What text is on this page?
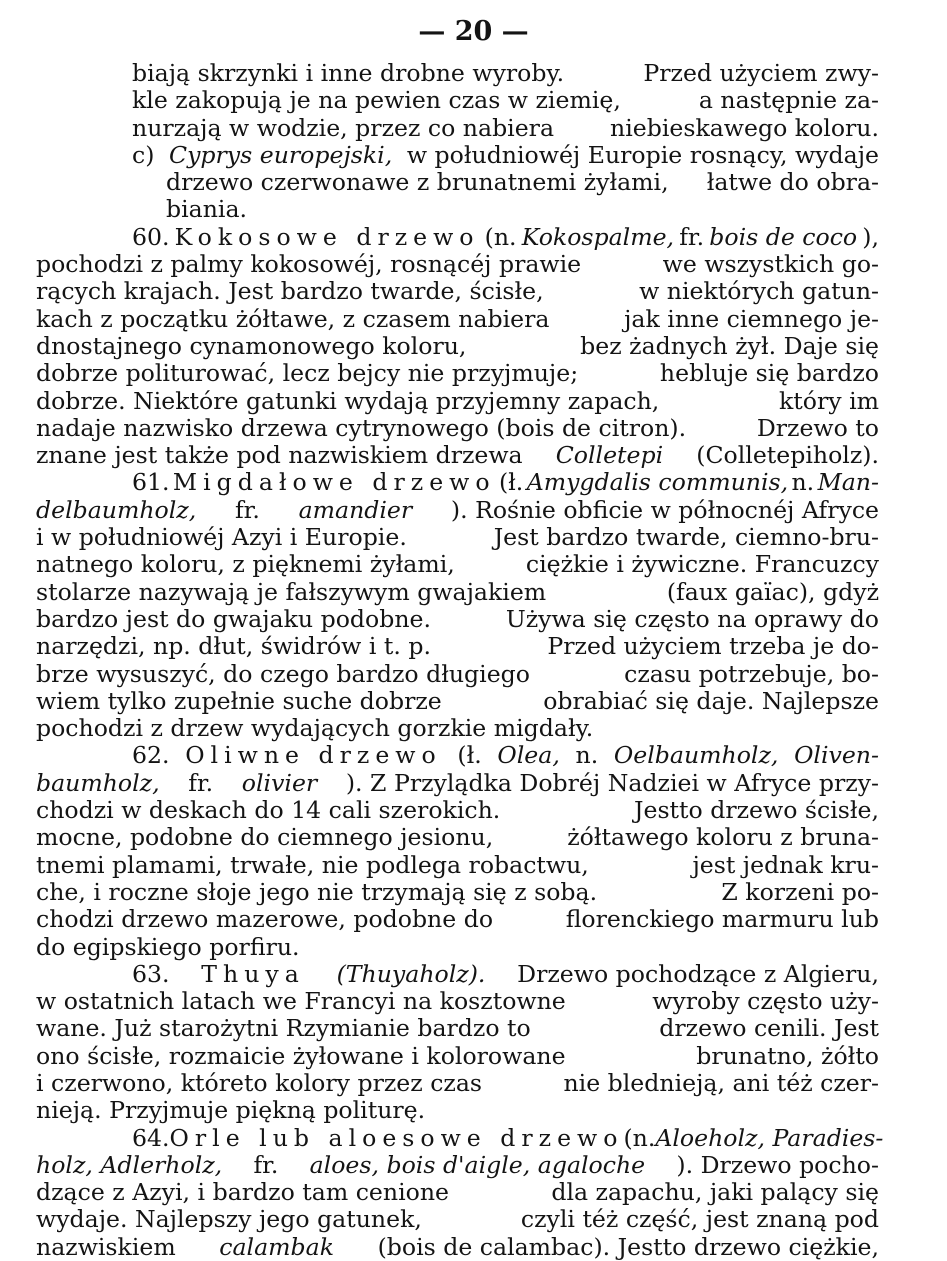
— 20 —
biają skrzynki i inne drobne wyroby.	Przed użyciem zwy-
kle zakopują je na pewien czas w ziemię,	a następnie za-
nurzają w wodzie, przez co nabiera niebieskawego koloru.
c) Cyprys europejski, w południowéj Europie rosnący, wydaje
drzewo czerwonawe z brunatnemi żyłami, łatwe do obra-
biania.
60. Kokosowe drzewo (n. Kokospalme, fr. bois de coco ),
pochodzi z palmy kokosowéj, rosnącéj prawie	we wszystkich go-
rących krajach. Jest bardzo twarde, ścisłe,	w niektórych gatun-
kach z początku żółtawe, z czasem nabiera	jak inne ciemnego je-
dnostajnego cynamonowego koloru,	bez żadnych żył. Daje się
dobrze politurować, lecz bejcy nie przyjmuje;	hebluje się bardzo
dobrze. Niektóre gatunki wydają przyjemny zapach,	który im
nadaje nazwisko drzewa cytrynowego (bois de citron).	Drzewo to
znane jest także pod nazwiskiem drzewa Colletepi (Colletepiholz).
61. Migdałowe drzewo (ł. Amygdalis communis, n. Man-
delbaumholz, fr. amandier ). Rośnie obficie w północnéj Afryce
i w południowéj Azyi i Europie.	Jest bardzo twarde, ciemno-bru-
natnego koloru, z pięknemi żyłami,	ciężkie i żywiczne. Francuzcy
stolarze nazywają je fałszywym gwajakiem	(faux gaïac), gdyż
bardzo jest do gwajaku podobne.	Używa się często na oprawy do
narzędzi, np. dłut, świdrów i t. p.	Przed użyciem trzeba je do-
brze wysuszyć, do czego bardzo długiego	czasu potrzebuje, bo-
wiem tylko zupełnie suche dobrze	obrabiać się daje. Najlepsze
pochodzi z drzew wydających gorzkie migdały.
62. Oliwne drzewo (ł. Olea, n. Oelbaumholz, Oliven-
baumholz, fr. olivier ). Z Przylądka Dobréj Nadziei w Afryce przy-
chodzi w deskach do 14 cali szerokich.	Jestto drzewo ścisłe,
mocne, podobne do ciemnego jesionu,	żółtawego koloru z bruna-
tnemi plamami, trwałe, nie podlega robactwu,	jest jednak kru-
che, i roczne słoje jego nie trzymają się z sobą.	Z korzeni po-
chodzi drzewo mazerowe, podobne do	florenckiego marmuru lub
do egipskiego porfiru.
63. Thuya (Thuyaholz). Drzewo pochodzące z Algieru,
w ostatnich latach we Francyi na kosztowne	wyroby często uży-
wane. Już starożytni Rzymianie bardzo to	drzewo cenili. Jest
ono ścisłe, rozmaicie żyłowane i kolorowane	brunatno, żółto
i czerwono, któreto kolory przez czas	nie blednieją, ani téż czer-
nieją. Przyjmuje piękną politurę.
64. Orle lub aloesowe drzewo (n. Aloeholz, Paradies-
holz, Adlerholz, fr. aloes, bois d'aigle, agaloche ). Drzewo pocho-
dzące z Azyi, i bardzo tam cenione	dla zapachu, jaki palący się
wydaje. Najlepszy jego gatunek,	czyli téż część, jest znaną pod
nazwiskiem calambak (bois de calambac). Jestto drzewo ciężkie,
